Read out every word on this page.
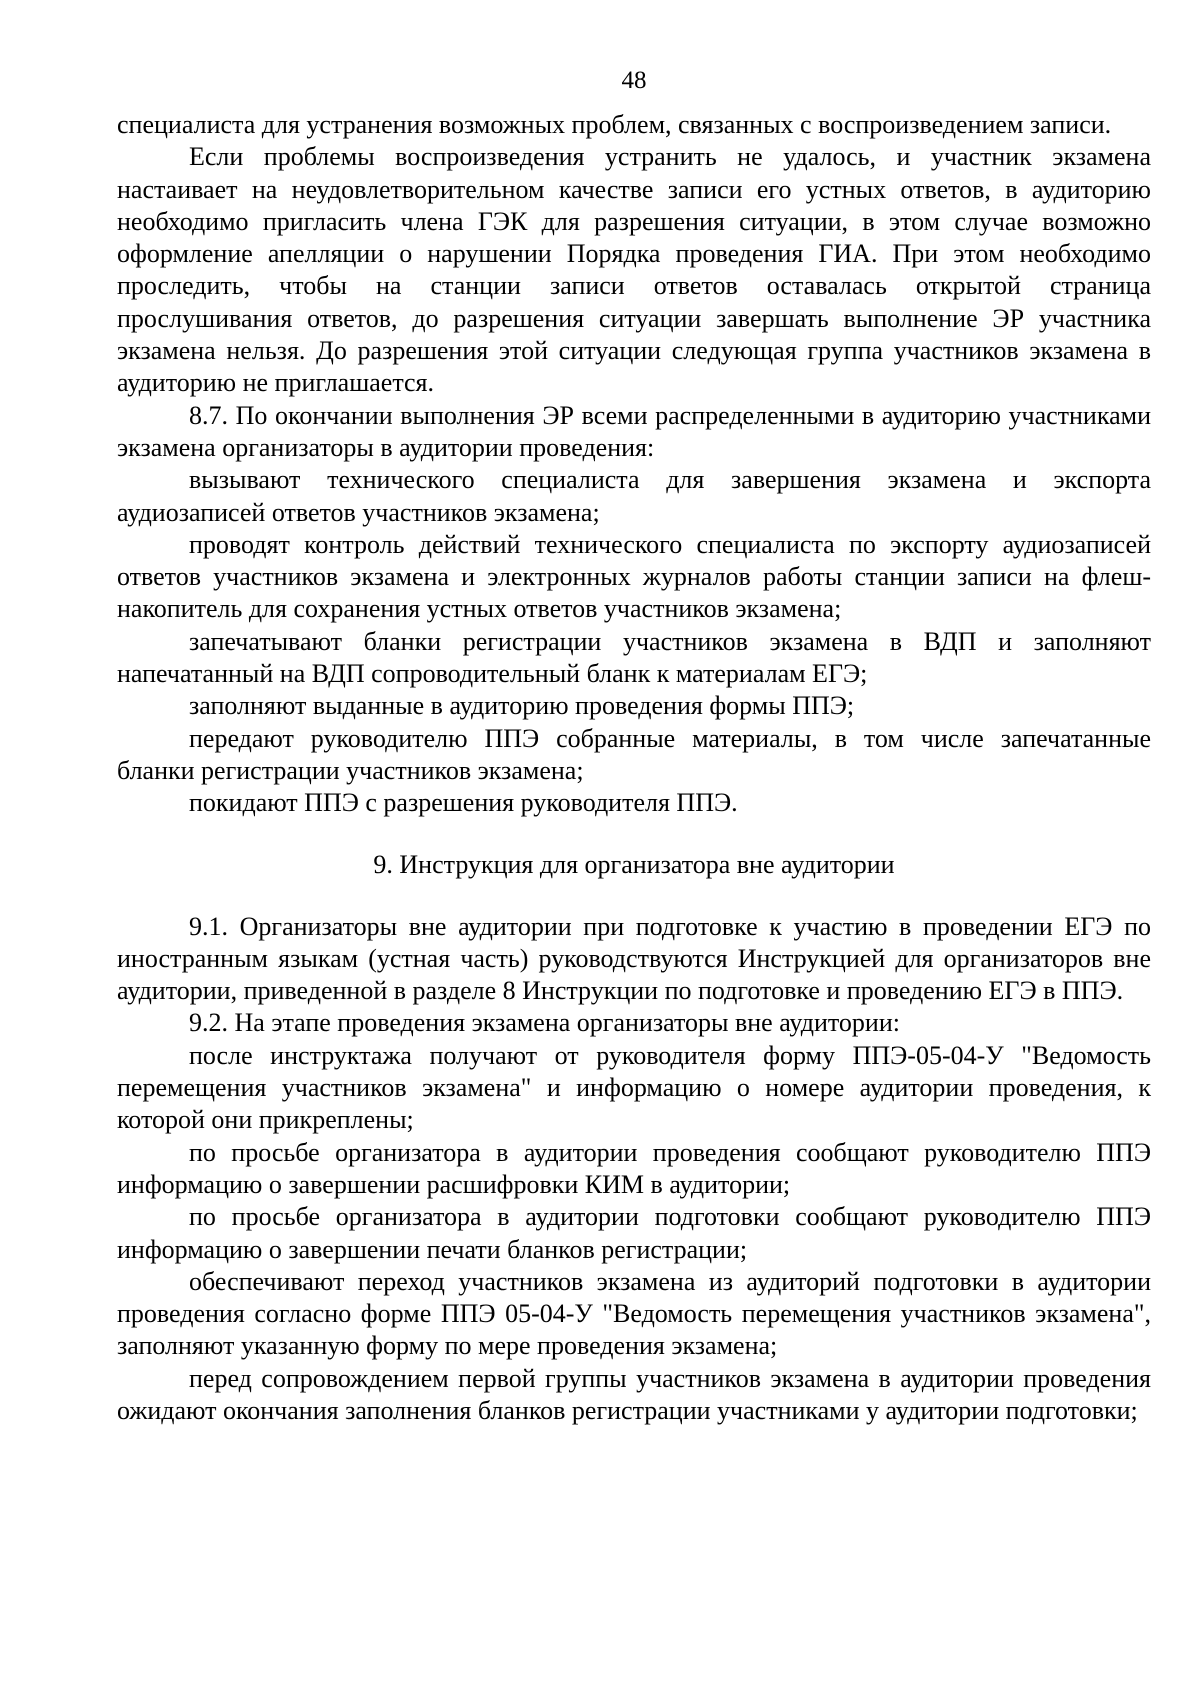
48

специалиста для устранения возможных проблем, связанных с воспроизведением записи.

Если проблемы воспроизведения устранить не удалось, и участник экзамена настаивает на неудовлетворительном качестве записи его устных ответов, в аудиторию необходимо пригласить члена ГЭК для разрешения ситуации, в этом случае возможно оформление апелляции о нарушении Порядка проведения ГИА. При этом необходимо проследить, чтобы на станции записи ответов оставалась открытой страница прослушивания ответов, до разрешения ситуации завершать выполнение ЭР участника экзамена нельзя. До разрешения этой ситуации следующая группа участников экзамена в аудиторию не приглашается.

8.7. По окончании выполнения ЭР всеми распределенными в аудиторию участниками экзамена организаторы в аудитории проведения:

вызывают технического специалиста для завершения экзамена и экспорта аудиозаписей ответов участников экзамена;

проводят контроль действий технического специалиста по экспорту аудиозаписей ответов участников экзамена и электронных журналов работы станции записи на флеш-накопитель для сохранения устных ответов участников экзамена;

запечатывают бланки регистрации участников экзамена в ВДП и заполняют напечатанный на ВДП сопроводительный бланк к материалам ЕГЭ;

заполняют выданные в аудиторию проведения формы ППЭ;

передают руководителю ППЭ собранные материалы, в том числе запечатанные бланки регистрации участников экзамена;

покидают ППЭ с разрешения руководителя ППЭ.

9. Инструкция для организатора вне аудитории

9.1. Организаторы вне аудитории при подготовке к участию в проведении ЕГЭ по иностранным языкам (устная часть) руководствуются Инструкцией для организаторов вне аудитории, приведенной в разделе 8 Инструкции по подготовке и проведению ЕГЭ в ППЭ.

9.2. На этапе проведения экзамена организаторы вне аудитории:

после инструктажа получают от руководителя форму ППЭ-05-04-У "Ведомость перемещения участников экзамена" и информацию о номере аудитории проведения, к которой они прикреплены;

по просьбе организатора в аудитории проведения сообщают руководителю ППЭ информацию о завершении расшифровки КИМ в аудитории;

по просьбе организатора в аудитории подготовки сообщают руководителю ППЭ информацию о завершении печати бланков регистрации;

обеспечивают переход участников экзамена из аудиторий подготовки в аудитории проведения согласно форме ППЭ 05-04-У "Ведомость перемещения участников экзамена", заполняют указанную форму по мере проведения экзамена;

перед сопровождением первой группы участников экзамена в аудитории проведения ожидают окончания заполнения бланков регистрации участниками у аудитории подготовки;
